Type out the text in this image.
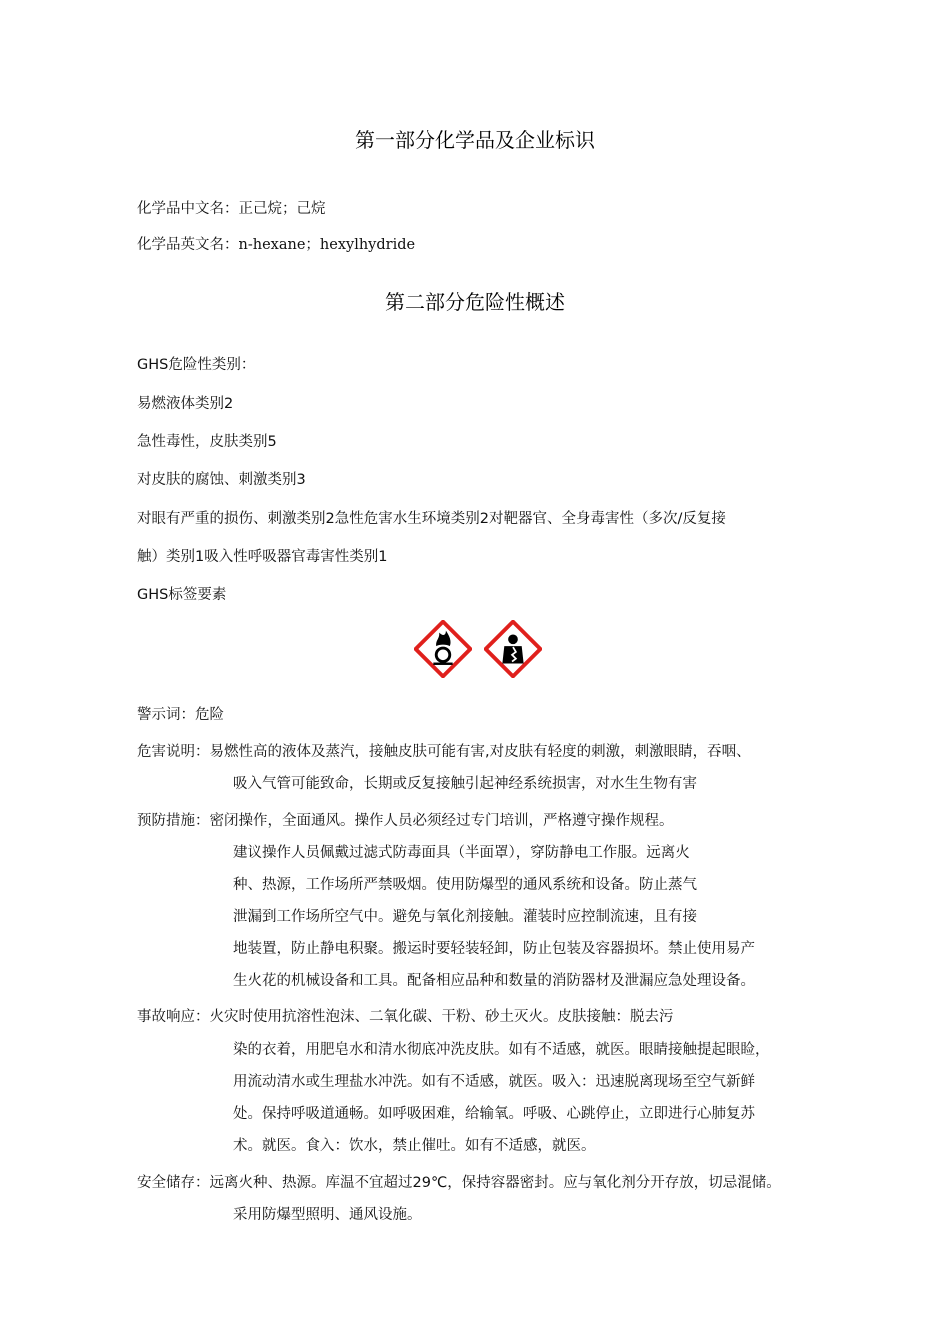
第一部分化学品及企业标识
化学品中文名：正己烷；己烷
化学品英文名：n-hexane；hexylhydride
第二部分危险性概述
GHS危险性类别：
易燃液体类别2
急性毒性，皮肤类别5
对皮肤的腐蚀、刺激类别3
对眼有严重的损伤、刺激类别2急性危害水生环境类别2对靶器官、全身毒害性（多次/反复接
触）类别1吸入性呼吸器官毒害性类别1
GHS标签要素
警示词：危险
危害说明：易燃性高的液体及蒸汽，接触皮肤可能有害,对皮肤有轻度的刺激，刺激眼睛，吞咽、
吸入气管可能致命，长期或反复接触引起神经系统损害，对水生生物有害
预防措施：密闭操作，全面通风。操作人员必须经过专门培训，严格遵守操作规程。
建议操作人员佩戴过滤式防毒面具（半面罩），穿防静电工作服。远离火
种、热源，工作场所严禁吸烟。使用防爆型的通风系统和设备。防止蒸气
泄漏到工作场所空气中。避免与氧化剂接触。灌装时应控制流速，且有接
地装置，防止静电积聚。搬运时要轻装轻卸，防止包装及容器损坏。禁止使用易产
生火花的机械设备和工具。配备相应品种和数量的消防器材及泄漏应急处理设备。
事故响应：火灾时使用抗溶性泡沫、二氧化碳、干粉、砂土灭火。皮肤接触：脱去污
染的衣着，用肥皂水和清水彻底冲洗皮肤。如有不适感，就医。眼睛接触提起眼睑，
用流动清水或生理盐水冲洗。如有不适感，就医。吸入：迅速脱离现场至空气新鲜
处。保持呼吸道通畅。如呼吸困难，给输氧。呼吸、心跳停止，立即进行心肺复苏
术。就医。食入：饮水，禁止催吐。如有不适感，就医。
安全储存：远离火种、热源。库温不宜超过29℃，保持容器密封。应与氧化剂分开存放，切忌混储。
采用防爆型照明、通风设施。
